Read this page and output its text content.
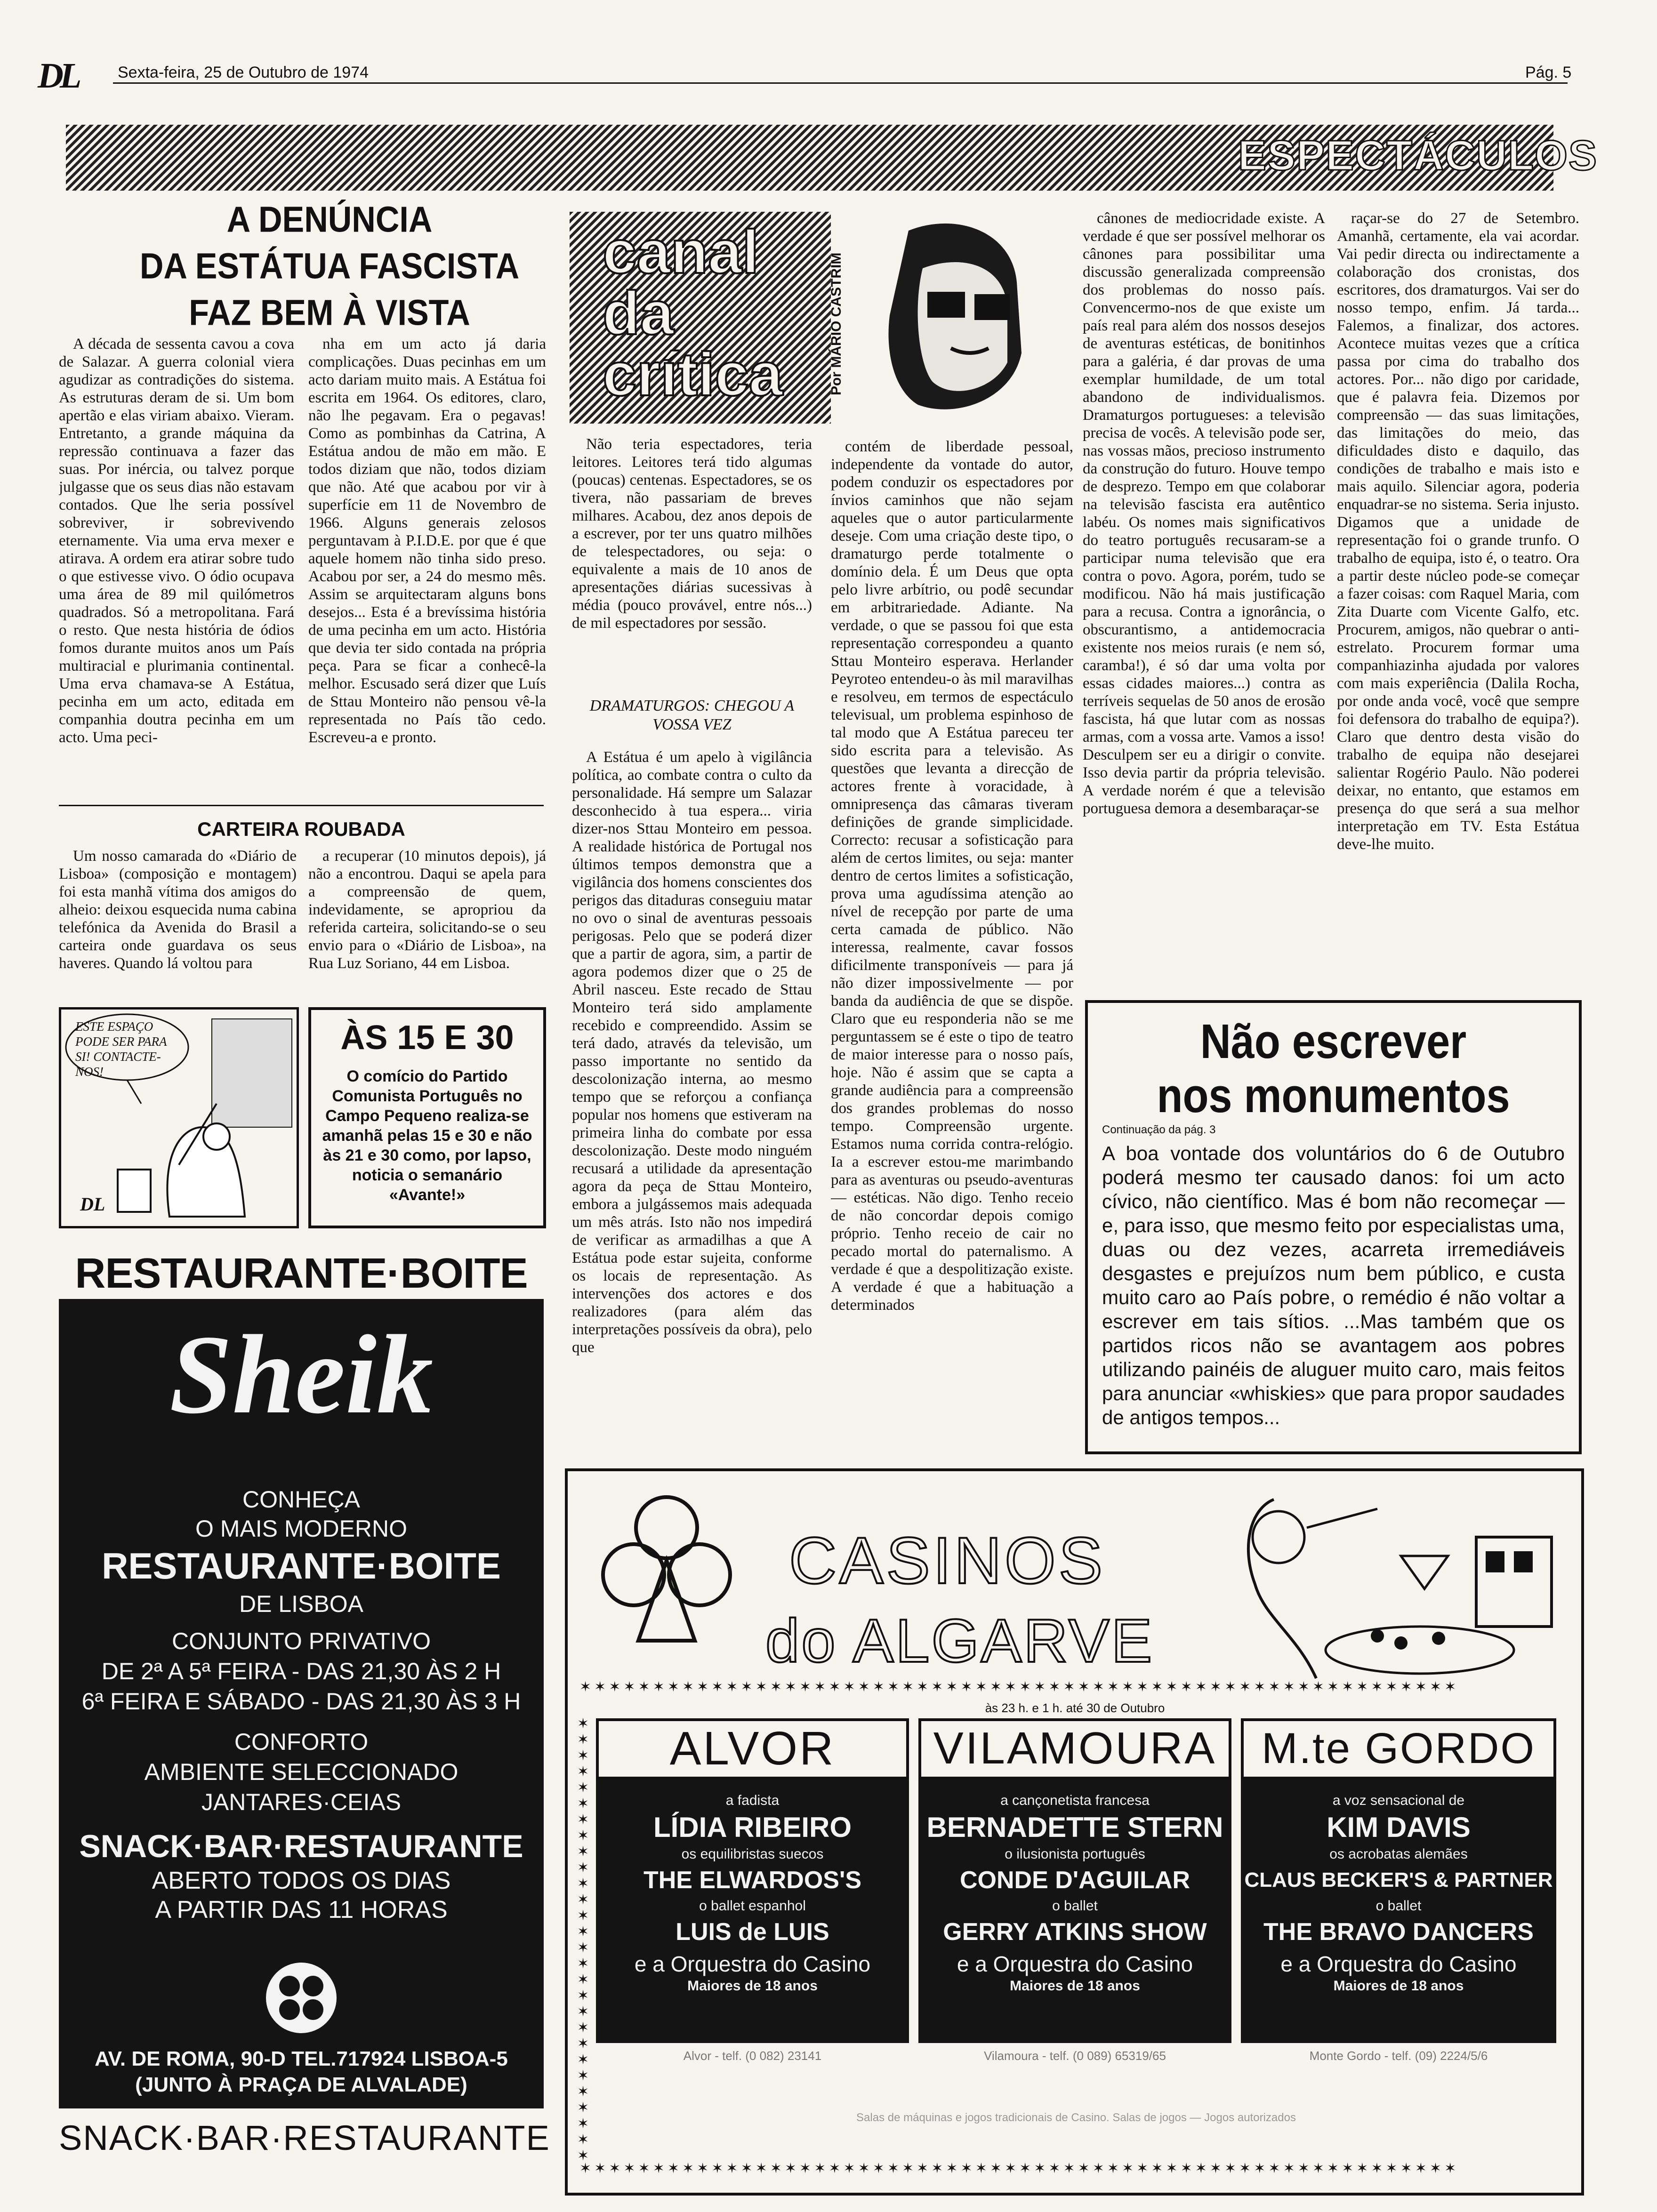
DL Sexta-feira, 25 de Outubro de 1974	Pág. 5
ESPECTÁCULOS
A DENÚNCIA
DA ESTÁTUA FASCISTA
FAZ BEM À VISTA

A década de sessenta cavou a cova de Salazar. A guerra colonial viera agudizar as contradições do sistema. As estruturas deram de si. Um bom apertão e elas viriam abaixo. Vieram. Entretanto, a grande máquina da repressão continuava a fazer das suas. Por inércia, ou talvez porque julgasse que os seus dias não estavam contados. Que lhe seria possível sobreviver, ir sobrevivendo eternamente. Via uma erva mexer e atirava. A ordem era atirar sobre tudo o que estivesse vivo. O ódio ocupava uma área de 89 mil quilómetros quadrados. Só a metropolitana. Fará o resto. Que nesta história de ódios fomos durante muitos anos um País multiracial e plurimania continental. Uma erva chamava-se A Estátua, pecinha em um acto, editada em companhia doutra pecinha em um acto. Uma peci-

nha em um acto já daria complicações. Duas pecinhas em um acto dariam muito mais. A Estátua foi escrita em 1964. Os editores, claro, não lhe pegavam. Era o pegavas! Como as pombinhas da Catrina, A Estátua andou de mão em mão. E todos diziam que não, todos diziam que não. Até que acabou por vir à superfície em 11 de Novembro de 1966. Alguns generais zelosos perguntavam à P.I.D.E. por que é que aquele homem não tinha sido preso. Acabou por ser, a 24 do mesmo mês. Assim se arquitectaram alguns bons desejos... Esta é a brevíssima história de uma pecinha em um acto. História que devia ter sido contada na própria peça. Para se ficar a conhecê-la melhor. Escusado será dizer que Luís de Sttau Monteiro não pensou vê-la representada no País tão cedo. Escreveu-a e pronto.

CARTEIRA ROUBADA

Um nosso camarada do «Diário de Lisboa» (composição e montagem) foi esta manhã vítima dos amigos do alheio: deixou esquecida numa cabina telefónica da Avenida do Brasil a carteira onde guardava os seus haveres. Quando lá voltou para

a recuperar (10 minutos depois), já não a encontrou. Daqui se apela para a compreensão de quem, indevidamente, se apropriou da referida carteira, solicitando-se o seu envio para o «Diário de Lisboa», na Rua Luz Soriano, 44 em Lisboa.

ESTE ESPAÇO PODE SER PARA SI! CONTACTE-NOS!
DL
ÀS 15 E 30
O comício do Partido Comunista Português no Campo Pequeno realiza-se amanhã pelas 15 e 30 e não às 21 e 30 como, por lapso, noticia o semanário «Avante!»
RESTAURANTE·BOITE
Sheik
CONHEÇA
O MAIS MODERNO
RESTAURANTE·BOITE
DE LISBOA
CONJUNTO PRIVATIVO
DE 2ª A 5ª FEIRA - DAS 21,30 ÀS 2 H
6ª FEIRA E SÁBADO - DAS 21,30 ÀS 3 H
CONFORTO
AMBIENTE SELECCIONADO
JANTARES·CEIAS
SNACK·BAR·RESTAURANTE
ABERTO TODOS OS DIAS
A PARTIR DAS 11 HORAS
AV. DE ROMA, 90-D TEL.717924 LISBOA-5
(JUNTO À PRAÇA DE ALVALADE)
SNACK·BAR·RESTAURANTE
canal
da
crítica	Por MÁRIO CASTRIM

Não teria espectadores, teria leitores. Leitores terá tido algumas (poucas) centenas. Espectadores, se os tivera, não passariam de breves milhares. Acabou, dez anos depois de a escrever, por ter uns quatro milhões de telespectadores, ou seja: o equivalente a mais de 10 anos de apresentações diárias sucessivas à média (pouco provável, entre nós...) de mil espectadores por sessão.

DRAMATURGOS: CHEGOU A VOSSA VEZ

A Estátua é um apelo à vigilância política, ao combate contra o culto da personalidade. Há sempre um Salazar desconhecido à tua espera... viria dizer-nos Sttau Monteiro em pessoa. A realidade histórica de Portugal nos últimos tempos demonstra que a vigilância dos homens conscientes dos perigos das ditaduras conseguiu matar no ovo o sinal de aventuras pessoais perigosas. Pelo que se poderá dizer que a partir de agora, sim, a partir de agora podemos dizer que o 25 de Abril nasceu. Este recado de Sttau Monteiro terá sido amplamente recebido e compreendido. Assim se terá dado, através da televisão, um passo importante no sentido da descolonização interna, ao mesmo tempo que se reforçou a confiança popular nos homens que estiveram na primeira linha do combate por essa descolonização. Deste modo ninguém recusará a utilidade da apresentação agora da peça de Sttau Monteiro, embora a julgássemos mais adequada um mês atrás. Isto não nos impedirá de verificar as armadilhas a que A Estátua pode estar sujeita, conforme os locais de representação. As intervenções dos actores e dos realizadores (para além das interpretações possíveis da obra), pelo que

contém de liberdade pessoal, independente da vontade do autor, podem conduzir os espectadores por ínvios caminhos que não sejam aqueles que o autor particularmente deseje. Com uma criação deste tipo, o dramaturgo perde totalmente o domínio dela. É um Deus que opta pelo livre arbítrio, ou podê secundar em arbitrariedade. Adiante. Na verdade, o que se passou foi que esta representação correspondeu a quanto Sttau Monteiro esperava. Herlander Peyroteo entendeu-o às mil maravilhas e resolveu, em termos de espectáculo televisual, um problema espinhoso de tal modo que A Estátua pareceu ter sido escrita para a televisão. As questões que levanta a direcção de actores frente à voracidade, à omnipresença das câmaras tiveram definições de grande simplicidade. Correcto: recusar a sofisticação para além de certos limites, ou seja: manter dentro de certos limites a sofisticação, prova uma agudíssima atenção ao nível de recepção por parte de uma certa camada de público. Não interessa, realmente, cavar fossos dificilmente transponíveis — para já não dizer impossivelmente — por banda da audiência de que se dispõe. Claro que eu responderia não se me perguntassem se é este o tipo de teatro de maior interesse para o nosso país, hoje. Não é assim que se capta a grande audiência para a compreensão dos grandes problemas do nosso tempo. Compreensão urgente. Estamos numa corrida contra-relógio. Ia a escrever estou-me marimbando para as aventuras ou pseudo-aventuras — estéticas. Não digo. Tenho receio de não concordar depois comigo próprio. Tenho receio de cair no pecado mortal do paternalismo. A verdade é que a despolitização existe. A verdade é que a habituação a determinados

cânones de mediocridade existe. A verdade é que ser possível melhorar os cânones para possibilitar uma discussão generalizada compreensão dos problemas do nosso país. Convencermo-nos de que existe um país real para além dos nossos desejos de aventuras estéticas, de bonitinhos para a galéria, é dar provas de uma exemplar humildade, de um total abandono de individualismos. Dramaturgos portugueses: a televisão precisa de vocês. A televisão pode ser, nas vossas mãos, precioso instrumento da construção do futuro. Houve tempo de desprezo. Tempo em que colaborar na televisão fascista era autêntico labéu. Os nomes mais significativos do teatro português recusaram-se a participar numa televisão que era contra o povo. Agora, porém, tudo se modificou. Não há mais justificação para a recusa. Contra a ignorância, o obscurantismo, a antidemocracia existente nos meios rurais (e nem só, caramba!), é só dar uma volta por essas cidades maiores...) contra as terríveis sequelas de 50 anos de erosão fascista, há que lutar com as nossas armas, com a vossa arte. Vamos a isso! Desculpem ser eu a dirigir o convite. Isso devia partir da própria televisão. A verdade norém é que a televisão portuguesa demora a desembaraçar-se

raçar-se do 27 de Setembro. Amanhã, certamente, ela vai acordar. Vai pedir directa ou indirectamente a colaboração dos cronistas, dos escritores, dos dramaturgos. Vai ser do nosso tempo, enfim. Já tarda... Falemos, a finalizar, dos actores. Acontece muitas vezes que a crítica passa por cima do trabalho dos actores. Por... não digo por caridade, que é palavra feia. Dizemos por compreensão — das suas limitações, das limitações do meio, das dificuldades disto e daquilo, das condições de trabalho e mais isto e mais aquilo. Silenciar agora, poderia enquadrar-se no sistema. Seria injusto. Digamos que a unidade de representação foi o grande trunfo. O trabalho de equipa, isto é, o teatro. Ora a partir deste núcleo pode-se começar a fazer coisas: com Raquel Maria, com Zita Duarte com Vicente Galfo, etc. Procurem, amigos, não quebrar o anti-estrelato. Procurem formar uma companhiazinha ajudada por valores com mais experiência (Dalila Rocha, por onde anda você, você que sempre foi defensora do trabalho de equipa?). Claro que dentro desta visão do trabalho de equipa não desejarei salientar Rogério Paulo. Não poderei deixar, no entanto, que estamos em presença do que será a sua melhor interpretação em TV. Esta Estátua deve-lhe muito.

Não escrever
nos monumentos
Continuação da pág. 3
A boa vontade dos voluntários do 6 de Outubro poderá mesmo ter causado danos: foi um acto cívico, não científico. Mas é bom não recomeçar — e, para isso, que mesmo feito por especialistas uma, duas ou dez vezes, acarreta irremediáveis desgastes e prejuízos num bem público, e custa muito caro ao País pobre, o remédio é não voltar a escrever em tais sítios. ...Mas também que os partidos ricos não se avantagem aos pobres utilizando painéis de aluguer muito caro, mais feitos para anunciar «whiskies» que para propor saudades de antigos tempos...
CASINOS
do ALGARVE
✶✶✶✶✶✶✶✶✶✶✶✶✶✶✶✶✶✶✶✶✶✶✶✶✶✶✶✶✶✶✶✶✶✶✶✶✶✶✶✶✶✶✶✶✶✶✶✶✶✶✶✶✶✶✶✶✶✶✶✶
às 23 h. e 1 h. até 30 de Outubro
✶✶✶✶✶✶✶✶✶✶✶✶✶✶✶✶✶✶✶✶✶✶✶✶✶✶✶✶
ALVOR
a fadista
LÍDIA RIBEIRO
os equilibristas suecos
THE ELWARDOS'S
o ballet espanhol
LUIS de LUIS
e a Orquestra do Casino
Maiores de 18 anos
Alvor - telf. (0 082) 23141
VILAMOURA
a cançonetista francesa
BERNADETTE STERN
o ilusionista português
CONDE D'AGUILAR
o ballet
GERRY ATKINS SHOW
e a Orquestra do Casino
Maiores de 18 anos
Vilamoura - telf. (0 089) 65319/65
M.te GORDO
a voz sensacional de
KIM DAVIS
os acrobatas alemães
CLAUS BECKER'S & PARTNER
o ballet
THE BRAVO DANCERS
e a Orquestra do Casino
Maiores de 18 anos
Monte Gordo - telf. (09) 2224/5/6
Salas de máquinas e jogos tradicionais de Casino. Salas de jogos — Jogos autorizados
✶✶✶✶✶✶✶✶✶✶✶✶✶✶✶✶✶✶✶✶✶✶✶✶✶✶✶✶✶✶✶✶✶✶✶✶✶✶✶✶✶✶✶✶✶✶✶✶✶✶✶✶✶✶✶✶✶✶✶✶
